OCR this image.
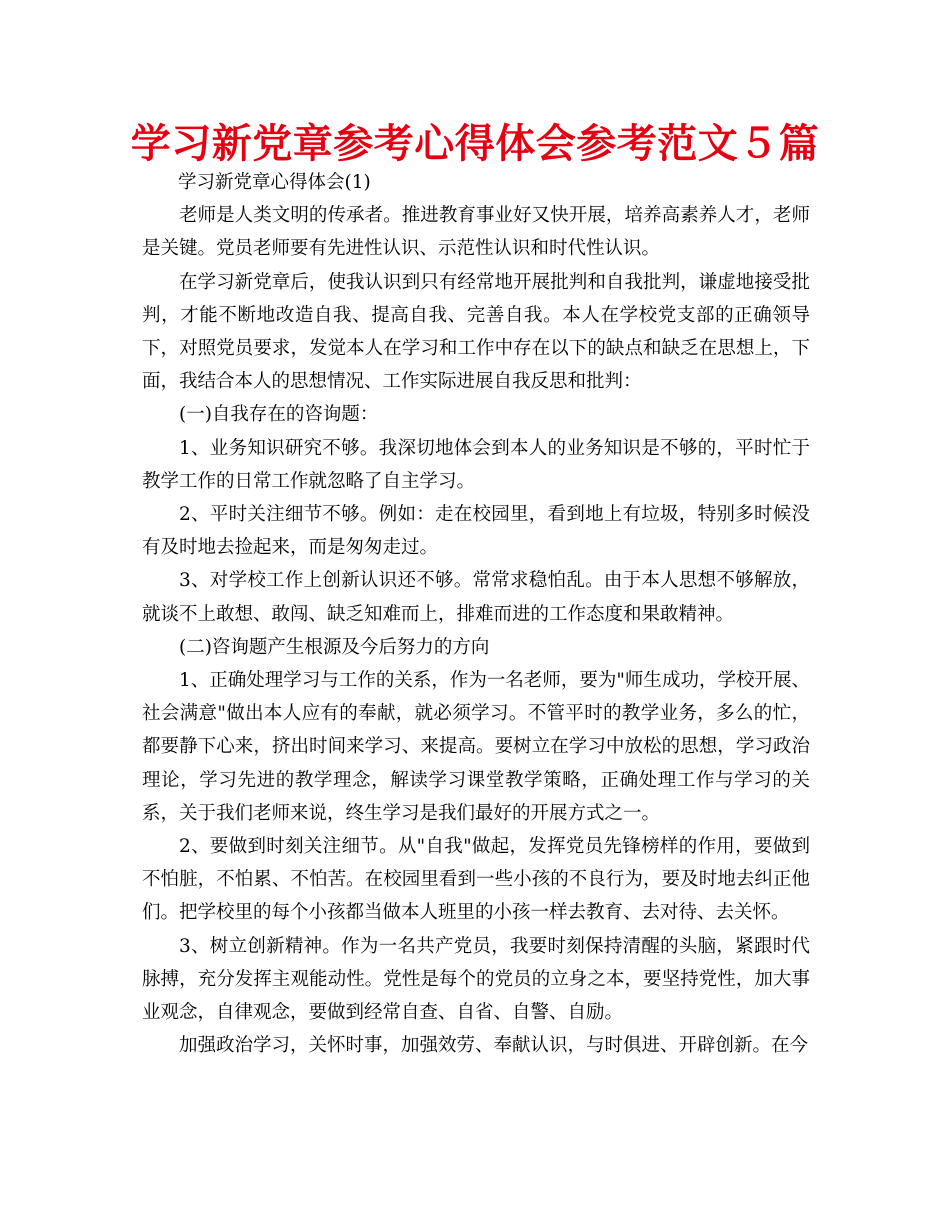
学习新党章参考心得体会参考范文５篇

学习新党章心得体会(1)

老师是人类文明的传承者。推进教育事业好又快开展，培养高素养人才，老师是关键。党员老师要有先进性认识、示范性认识和时代性认识。

在学习新党章后，使我认识到只有经常地开展批判和自我批判，谦虚地接受批判，才能不断地改造自我、提高自我、完善自我。本人在学校党支部的正确领导下，对照党员要求，发觉本人在学习和工作中存在以下的缺点和缺乏在思想上，下面，我结合本人的思想情况、工作实际进展自我反思和批判：

(一)自我存在的咨询题：

1、业务知识研究不够。我深切地体会到本人的业务知识是不够的，平时忙于教学工作的日常工作就忽略了自主学习。

2、平时关注细节不够。例如：走在校园里，看到地上有垃圾，特别多时候没有及时地去捡起来，而是匆匆走过。

3、对学校工作上创新认识还不够。常常求稳怕乱。由于本人思想不够解放，就谈不上敢想、敢闯、缺乏知难而上，排难而进的工作态度和果敢精神。

(二)咨询题产生根源及今后努力的方向

1、正确处理学习与工作的关系，作为一名老师，要为"师生成功，学校开展、社会满意"做出本人应有的奉献，就必须学习。不管平时的教学业务，多么的忙，都要静下心来，挤出时间来学习、来提高。要树立在学习中放松的思想，学习政治理论，学习先进的教学理念，解读学习课堂教学策略，正确处理工作与学习的关系，关于我们老师来说，终生学习是我们最好的开展方式之一。

2、要做到时刻关注细节。从"自我"做起，发挥党员先锋榜样的作用，要做到不怕脏，不怕累、不怕苦。在校园里看到一些小孩的不良行为，要及时地去纠正他们。把学校里的每个小孩都当做本人班里的小孩一样去教育、去对待、去关怀。

3、树立创新精神。作为一名共产党员，我要时刻保持清醒的头脑，紧跟时代脉搏，充分发挥主观能动性。党性是每个的党员的立身之本，要坚持党性，加大事业观念，自律观念，要做到经常自查、自省、自警、自励。

加强政治学习，关怀时事，加强效劳、奉献认识，与时俱进、开辟创新。在今
